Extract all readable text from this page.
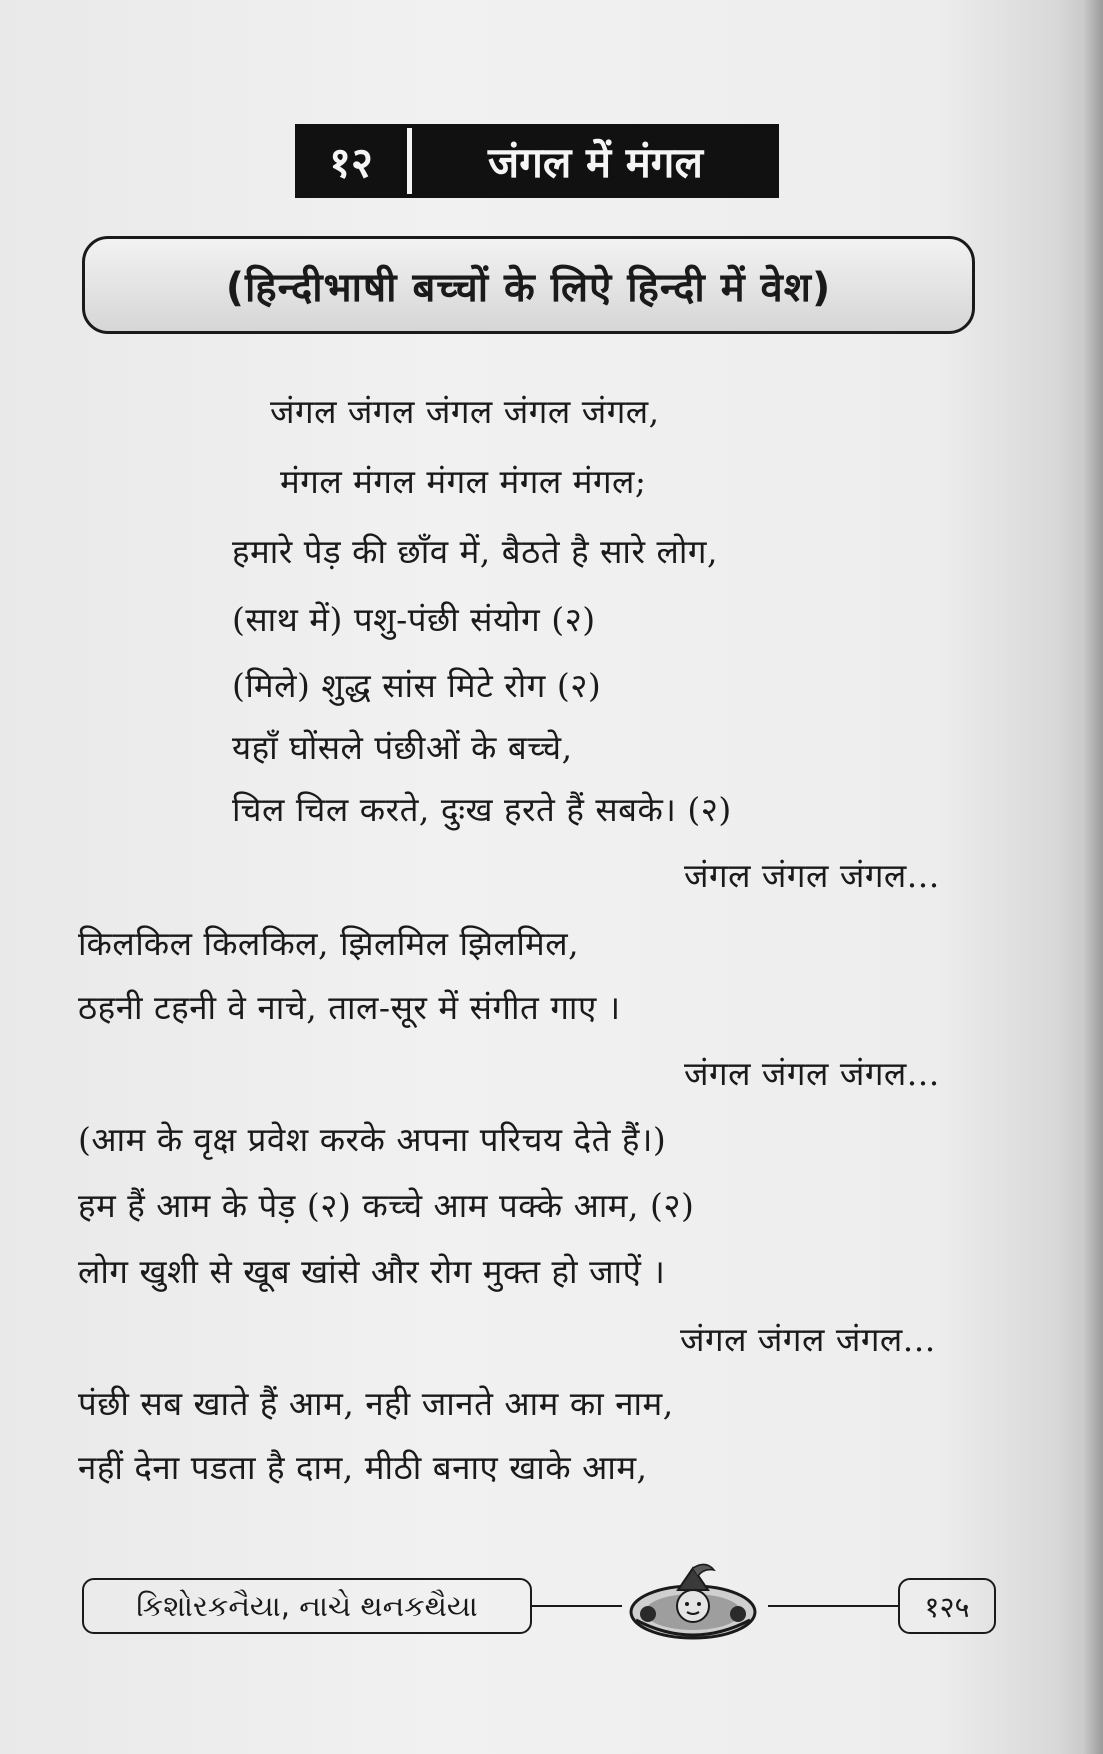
१२	जंगल में मंगल
(हिन्दीभाषी बच्चों के लिऐ हिन्दी में वेश)
जंगल जंगल जंगल जंगल जंगल,
मंगल मंगल मंगल मंगल मंगल;
हमारे पेड़ की छाँव में, बैठते है सारे लोग,
(साथ में) पशु-पंछी संयोग (२)
(मिले) शुद्ध सांस मिटे रोग (२)
यहाँ घोंसले पंछीओं के बच्चे,
चिल चिल करते, दुःख हरते हैं सबके। (२)
जंगल जंगल जंगल...
किलकिल किलकिल, झिलमिल झिलमिल,
ठहनी टहनी वे नाचे, ताल-सूर में संगीत गाए ।
जंगल जंगल जंगल...
(आम के वृक्ष प्रवेश करके अपना परिचय देते हैं।)
हम हैं आम के पेड़ (२) कच्चे आम पक्के आम, (२)
लोग खुशी से खूब खांसे और रोग मुक्त हो जाऐं ।
जंगल जंगल जंगल...
पंछी सब खाते हैं आम, नही जानते आम का नाम,
नहीं देना पडता है दाम, मीठी बनाए खाके आम,
કિશોરકનૈયા, નાચે થનકથૈયા	१२५
